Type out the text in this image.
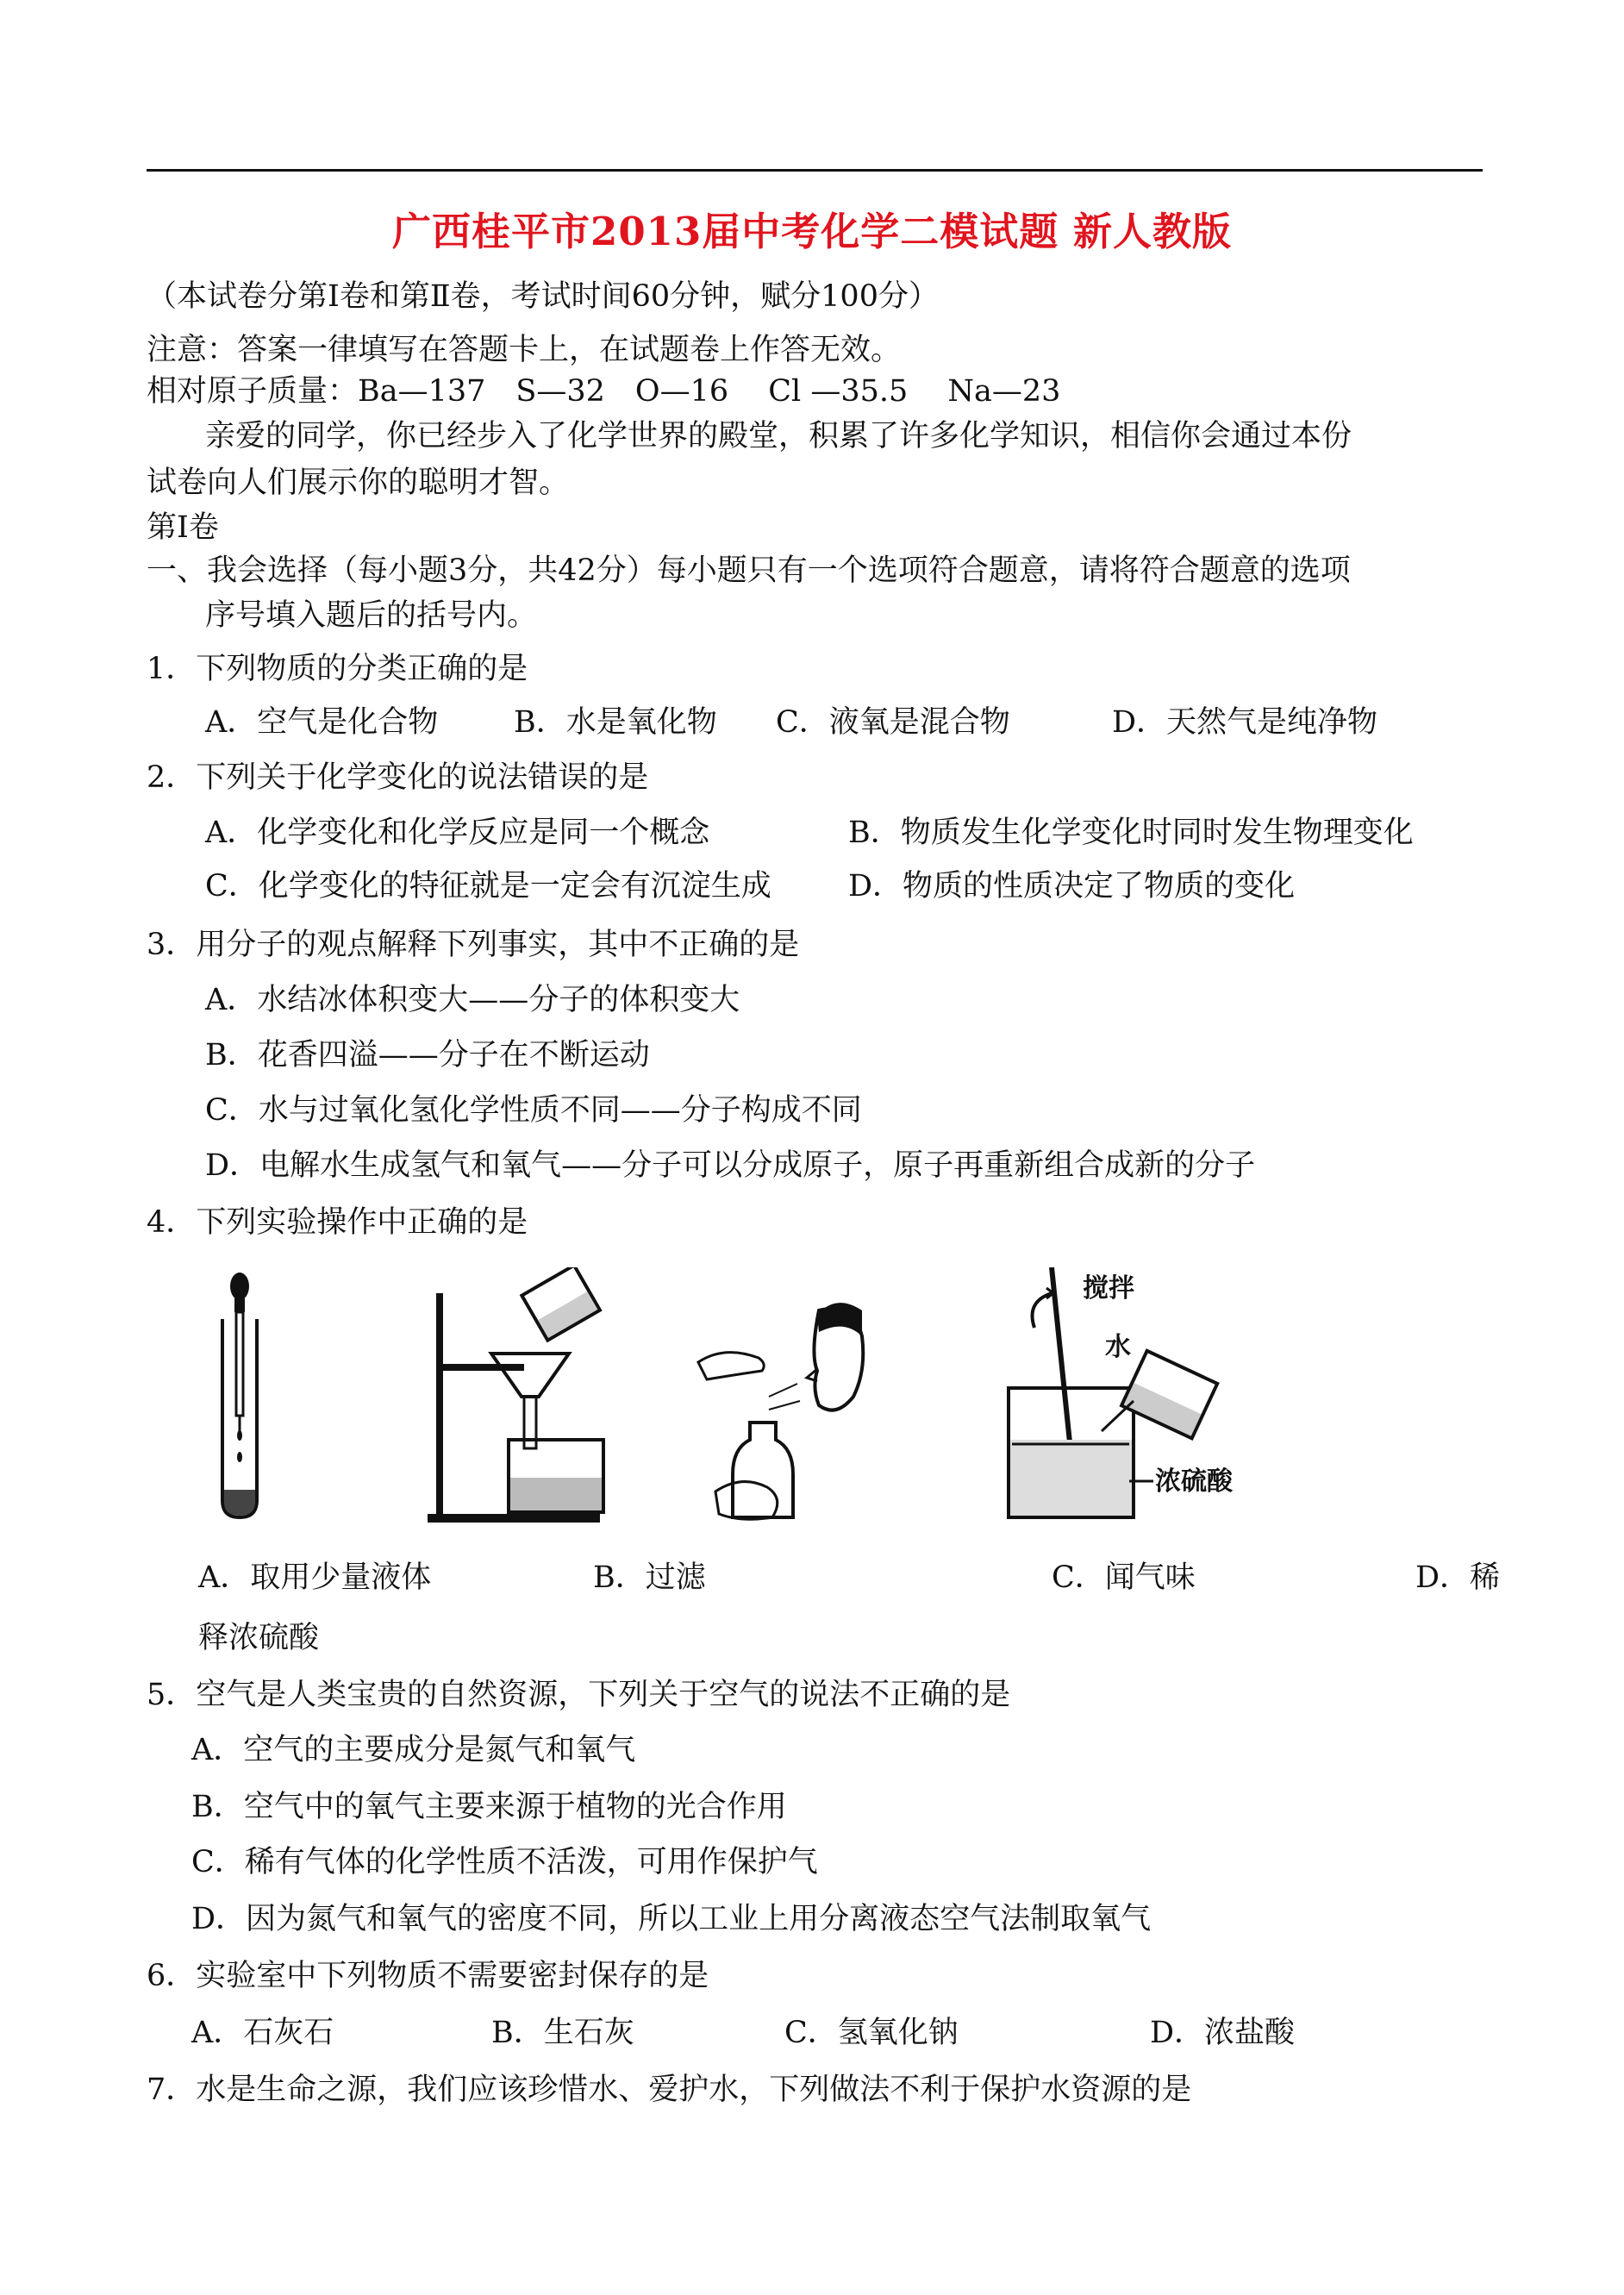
广西桂平市2013届中考化学二模试题 新人教版
（本试卷分第Ⅰ卷和第Ⅱ卷，考试时间60分钟，赋分100分）
注意：答案一律填写在答题卡上，在试题卷上作答无效。
相对原子质量：Ba—137　S—32　O—16　 Cl —35.5　 Na—23
亲爱的同学，你已经步入了化学世界的殿堂，积累了许多化学知识，相信你会通过本份
试卷向人们展示你的聪明才智。
第Ⅰ卷
一、我会选择（每小题3分，共42分）每小题只有一个选项符合题意，请将符合题意的选项
序号填入题后的括号内。
1．下列物质的分类正确的是
A．空气是化合物	B．水是氧化物 C．液氧是混合物	D．天然气是纯净物
2．下列关于化学变化的说法错误的是
A．化学变化和化学反应是同一个概念	B．物质发生化学变化时同时发生物理变化
C．化学变化的特征就是一定会有沉淀生成	D．物质的性质决定了物质的变化
3．用分子的观点解释下列事实，其中不正确的是
A．水结冰体积变大——分子的体积变大
B．花香四溢——分子在不断运动
C．水与过氧化氢化学性质不同——分子构成不同
D．电解水生成氢气和氧气——分子可以分成原子，原子再重新组合成新的分子
4．下列实验操作中正确的是
搅拌
水
浓硫酸
A．取用少量液体	B．过滤	C．闻气味	D．稀
释浓硫酸
5．空气是人类宝贵的自然资源，下列关于空气的说法不正确的是
A．空气的主要成分是氮气和氧气
B．空气中的氧气主要来源于植物的光合作用
C．稀有气体的化学性质不活泼，可用作保护气
D．因为氮气和氧气的密度不同，所以工业上用分离液态空气法制取氧气
6．实验室中下列物质不需要密封保存的是
A．石灰石	B．生石灰	C．氢氧化钠	D．浓盐酸
7．水是生命之源，我们应该珍惜水、爱护水，下列做法不利于保护水资源的是
